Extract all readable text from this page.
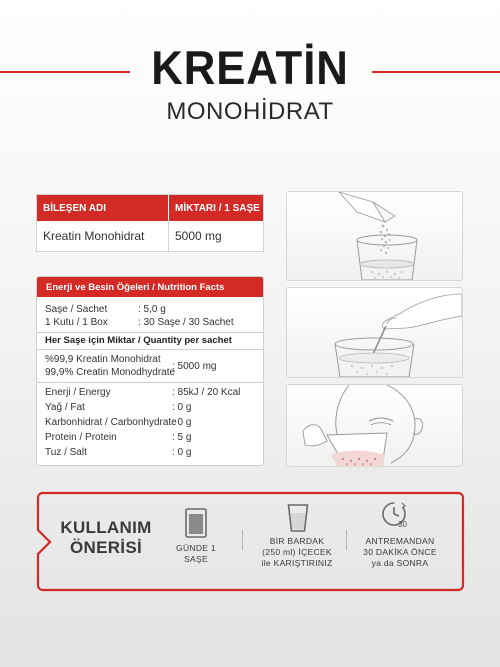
KREATİN
MONOHİDRAT
BİLEŞEN ADI	MİKTARI / 1 SAŞE
Kreatin Monohidrat	5000 mg
Enerji ve Besin Öğeleri / Nutrition Facts
Saşe / Sachet	: 5,0 g
1 Kutu / 1 Box	: 30 Saşe / 30 Sachet
Her Saşe için Miktar / Quantity per sachet
%99,9 Kreatin Monohidrat
99,9% Creatin Monodhydrate
: 5000 mg
Enerji / Energy	: 85kJ / 20 Kcal
Yağ / Fat	: 0 g
Karbonhidrat / Carbonhydrate
: 0 g
Protein / Protein	: 5 g
Tuz / Salt	: 0 g
KULLANIM
ÖNERİSİ	GÜNDE 1
SAŞE
BİR BARDAK
(250 ml) İÇECEK
ile KARIŞTIRINIZ
30
ANTREMANDAN
30 DAKİKA ÖNCE
ya da SONRA
